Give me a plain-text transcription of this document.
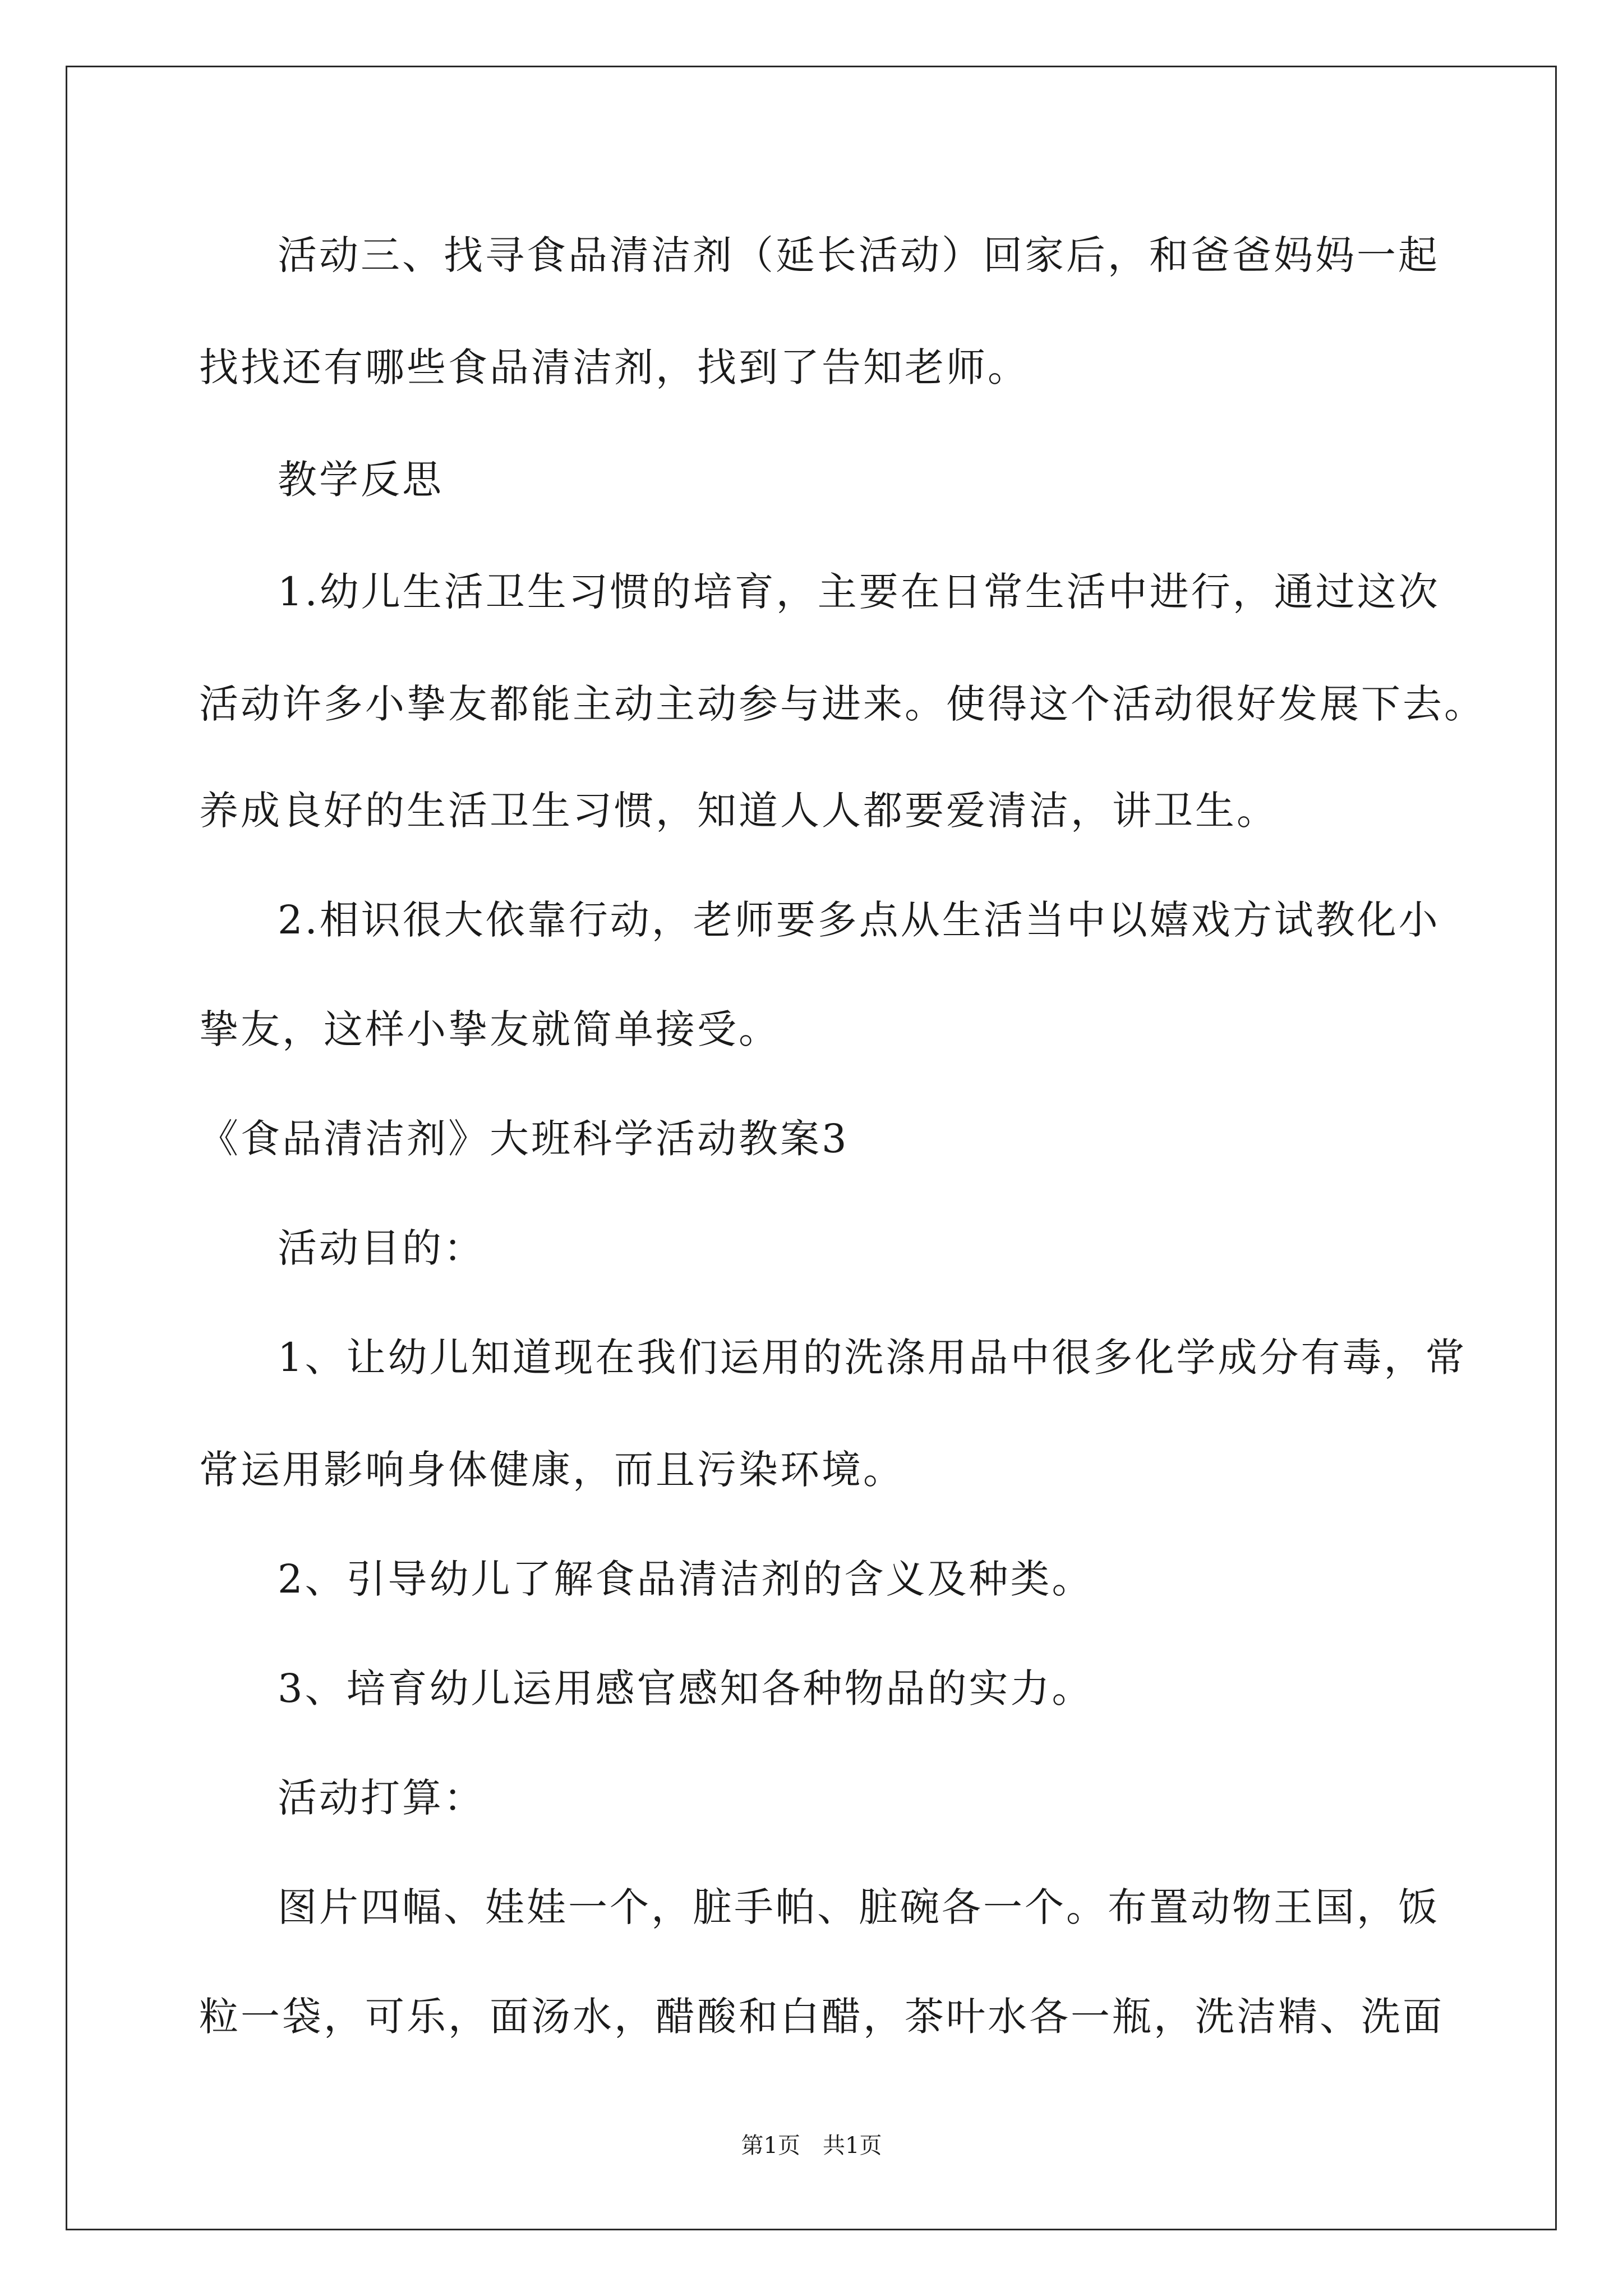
活动三、找寻食品清洁剂（延长活动）回家后，和爸爸妈妈一起
找找还有哪些食品清洁剂，找到了告知老师。
教学反思
1.幼儿生活卫生习惯的培育，主要在日常生活中进行，通过这次
活动许多小挚友都能主动主动参与进来。使得这个活动很好发展下去。
养成良好的生活卫生习惯，知道人人都要爱清洁，讲卫生。
2.相识很大依靠行动，老师要多点从生活当中以嬉戏方试教化小
挚友，这样小挚友就简单接受。
《食品清洁剂》大班科学活动教案3
活动目的：
1、让幼儿知道现在我们运用的洗涤用品中很多化学成分有毒，常
常运用影响身体健康，而且污染环境。
2、引导幼儿了解食品清洁剂的含义及种类。
3、培育幼儿运用感官感知各种物品的实力。
活动打算：
图片四幅、娃娃一个，脏手帕、脏碗各一个。布置动物王国，饭
粒一袋，可乐，面汤水，醋酸和白醋，茶叶水各一瓶，洗洁精、洗面
第1页　共1页
